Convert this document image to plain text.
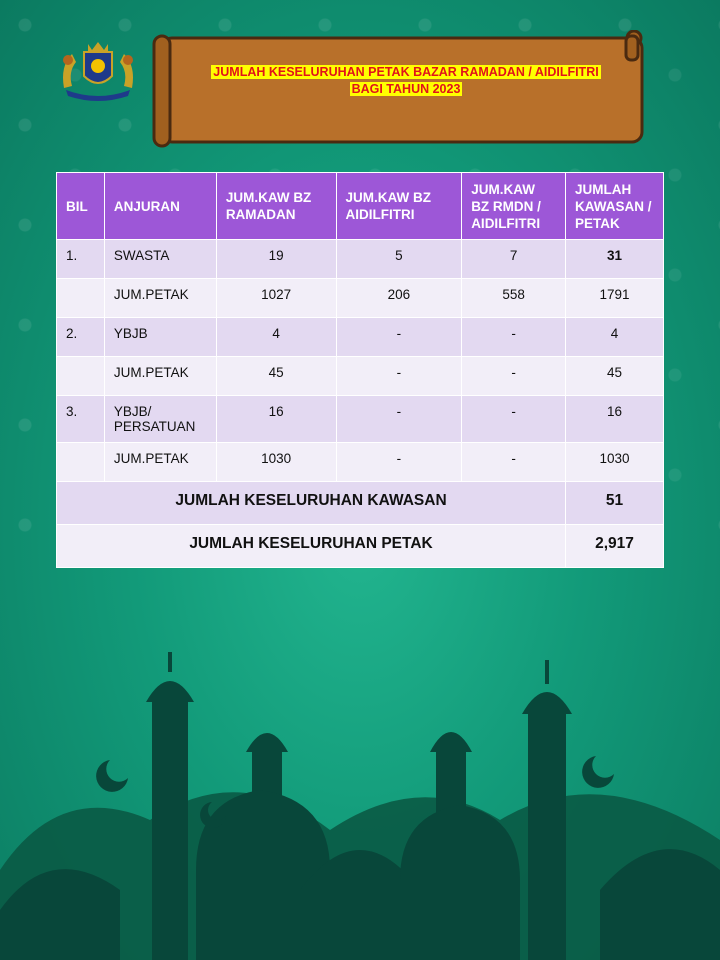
JUMLAH KESELURUHAN PETAK BAZAR RAMADAN / AIDILFITRI
BAGI TAHUN 2023
BIL	ANJURAN	JUM.KAW BZ RAMADAN	JUM.KAW BZ AIDILFITRI	JUM.KAW BZ RMDN / AIDILFITRI	JUMLAH KAWASAN / PETAK
1.	SWASTA	19	5	7	31
	JUM.PETAK	1027	206	558	1791
2.	YBJB	4	-	-	4
	JUM.PETAK	45	-	-	45
3.	YBJB/ PERSATUAN	16	-	-	16
	JUM.PETAK	1030	-	-	1030
JUMLAH KESELURUHAN KAWASAN					51
JUMLAH KESELURUHAN PETAK					2,917
